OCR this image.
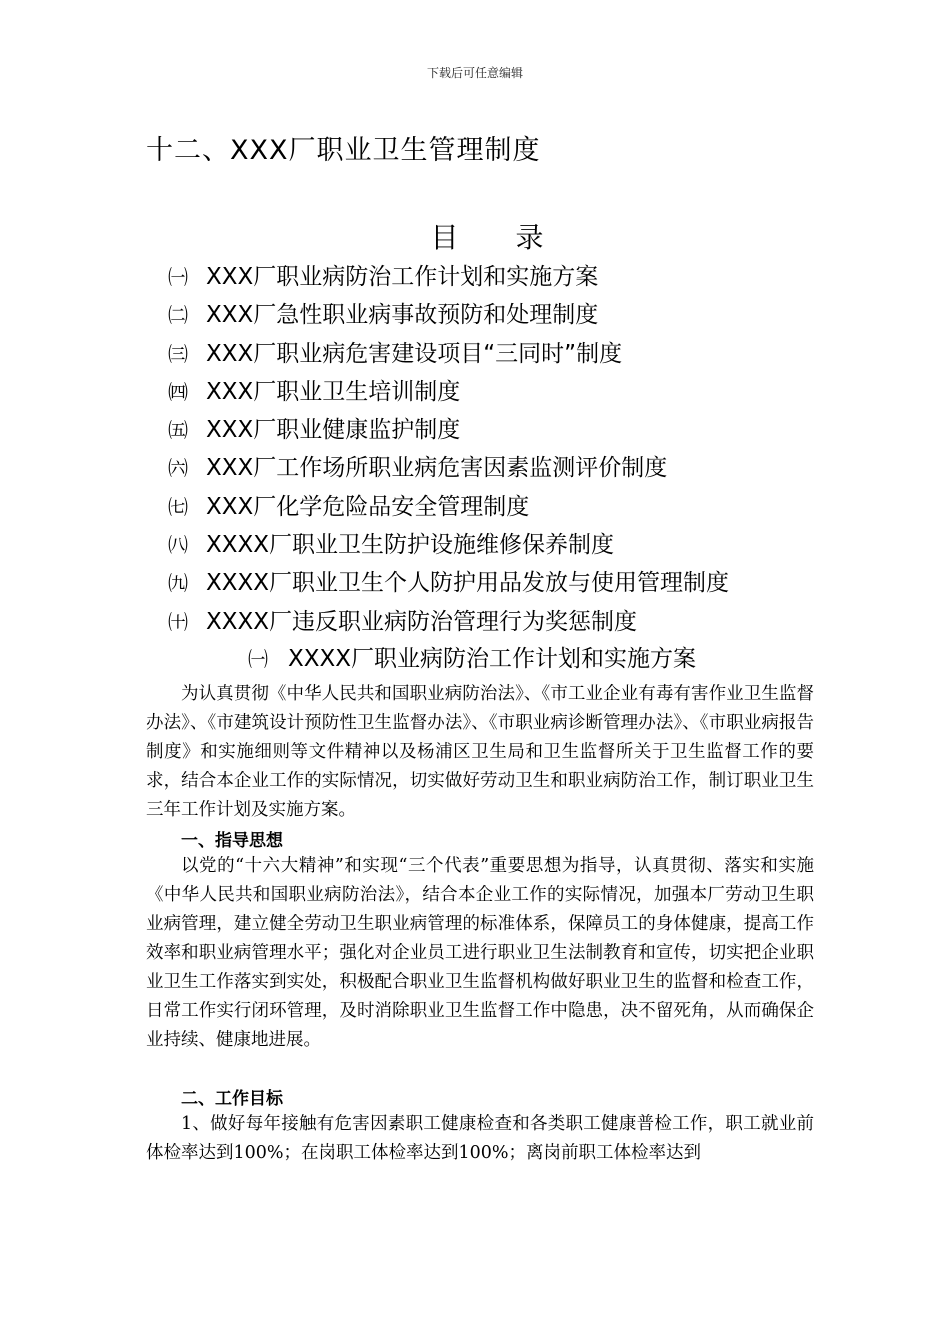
下载后可任意编辑
十二、XXX厂职业卫生管理制度
目 录
㈠ XXX厂职业病防治工作计划和实施方案
㈡ XXX厂急性职业病事故预防和处理制度
㈢ XXX厂职业病危害建设项目“三同时”制度
㈣ XXX厂职业卫生培训制度
㈤ XXX厂职业健康监护制度
㈥ XXX厂工作场所职业病危害因素监测评价制度
㈦ XXX厂化学危险品安全管理制度
㈧ XXXX厂职业卫生防护设施维修保养制度
㈨ XXXX厂职业卫生个人防护用品发放与使用管理制度
㈩ XXXX厂违反职业病防治管理行为奖惩制度
㈠ XXXX厂职业病防治工作计划和实施方案

为认真贯彻《中华人民共和国职业病防治法》、《市工业企业有毒有害作业卫生监督办法》、《市建筑设计预防性卫生监督办法》、《市职业病诊断管理办法》、《市职业病报告制度》和实施细则等文件精神以及杨浦区卫生局和卫生监督所关于卫生监督工作的要求，结合本企业工作的实际情况，切实做好劳动卫生和职业病防治工作，制订职业卫生三年工作计划及实施方案。

一、指导思想

以党的“十六大精神”和实现“三个代表”重要思想为指导，认真贯彻、落实和实施《中华人民共和国职业病防治法》，结合本企业工作的实际情况，加强本厂劳动卫生职业病管理，建立健全劳动卫生职业病管理的标准体系，保障员工的身体健康，提高工作效率和职业病管理水平；强化对企业员工进行职业卫生法制教育和宣传，切实把企业职业卫生工作落实到实处，积极配合职业卫生监督机构做好职业卫生的监督和检查工作，日常工作实行闭环管理，及时消除职业卫生监督工作中隐患，决不留死角，从而确保企业持续、健康地进展。

二、工作目标

1、做好每年接触有危害因素职工健康检查和各类职工健康普检工作，职工就业前体检率达到100%；在岗职工体检率达到100%；离岗前职工体检率达到
